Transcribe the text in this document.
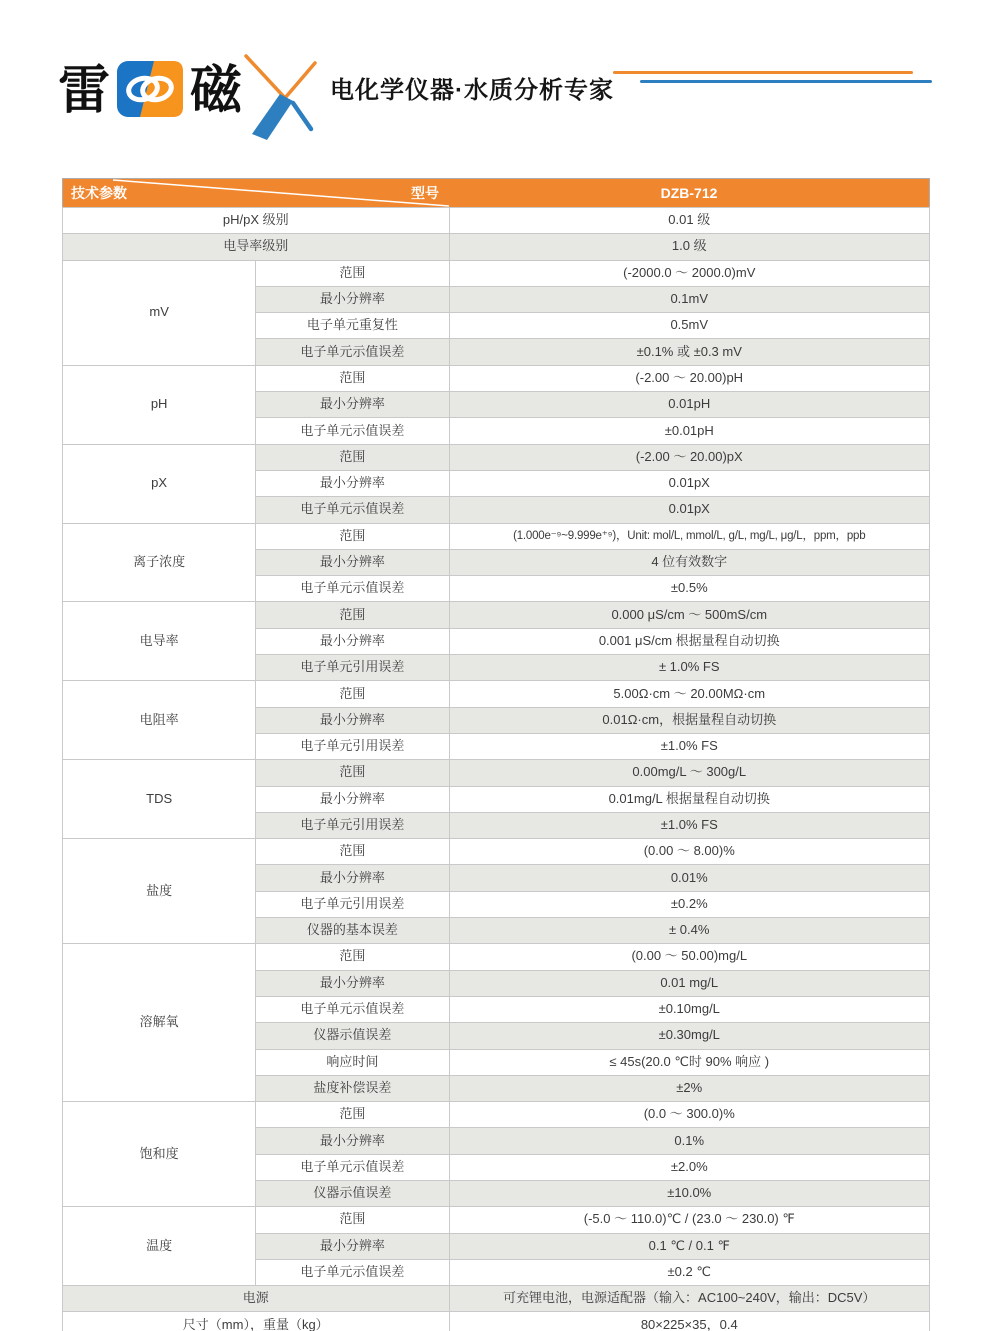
雷 磁	电化学仪器·水质分析专家
技术参数 型号		DZB-712
pH/pX 级别		0.01 级
电导率级别		1.0 级
mV	范围	(-2000.0 ～ 2000.0)mV
	最小分辨率	0.1mV
	电子单元重复性	0.5mV
	电子单元示值误差	±0.1% 或 ±0.3 mV
pH	范围	(-2.00 ～ 20.00)pH
	最小分辨率	0.01pH
	电子单元示值误差	±0.01pH
pX	范围	(-2.00 ～ 20.00)pX
	最小分辨率	0.01pX
	电子单元示值误差	0.01pX
离子浓度	范围	(1.000e⁻⁹~9.999e⁺⁹)，Unit: mol/L, mmol/L, g/L, mg/L, μg/L，ppm，ppb
	最小分辨率	4 位有效数字
	电子单元示值误差	±0.5%
电导率	范围	0.000 μS/cm ～ 500mS/cm
	最小分辨率	0.001 μS/cm 根据量程自动切换
	电子单元引用误差	± 1.0% FS
电阻率	范围	5.00Ω·cm ～ 20.00MΩ·cm
	最小分辨率	0.01Ω·cm，根据量程自动切换
	电子单元引用误差	±1.0% FS
TDS	范围	0.00mg/L ～ 300g/L
	最小分辨率	0.01mg/L 根据量程自动切换
	电子单元引用误差	±1.0% FS
盐度	范围	(0.00 ～ 8.00)%
	最小分辨率	0.01%
	电子单元引用误差	±0.2%
	仪器的基本误差	± 0.4%
溶解氧	范围	(0.00 ～ 50.00)mg/L
	最小分辨率	0.01 mg/L
	电子单元示值误差	±0.10mg/L
	仪器示值误差	±0.30mg/L
	响应时间	≤ 45s(20.0 ℃时 90% 响应 )
	盐度补偿误差	±2%
饱和度	范围	(0.0 ～ 300.0)%
	最小分辨率	0.1%
	电子单元示值误差	±2.0%
	仪器示值误差	±10.0%
温度	范围	(-5.0 ～ 110.0)℃ / (23.0 ～ 230.0) ℉
	最小分辨率	0.1 ℃ / 0.1 ℉
	电子单元示值误差	±0.2 ℃
电源		可充锂电池，电源适配器（输入：AC100~240V，输出：DC5V）
尺寸（mm），重量（kg）		80×225×35，0.4
